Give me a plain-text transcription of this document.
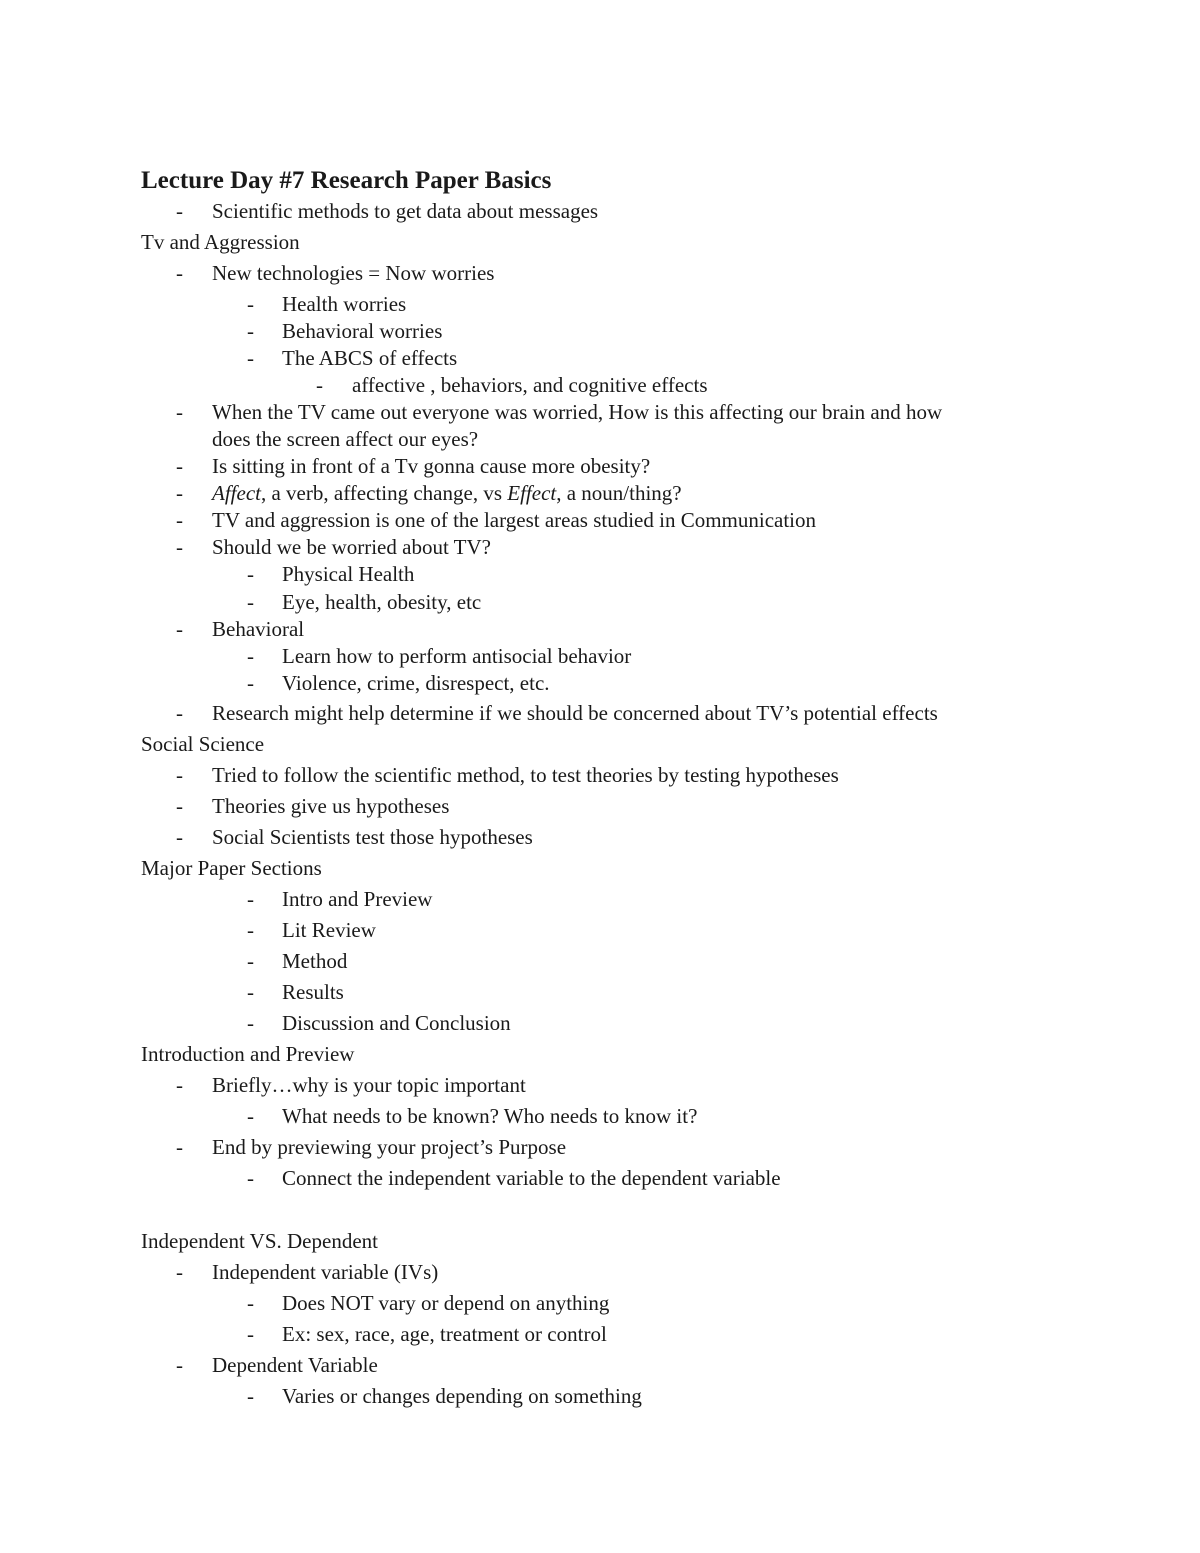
Lecture Day #7 Research Paper Basics
-	Scientific methods to get data about messages
Tv and Aggression
-	New technologies = Now worries
-	Health worries
-	Behavioral worries
-	The ABCS of effects
-	affective , behaviors, and cognitive effects
-	When the TV came out everyone was worried, How is this affecting our brain and how
does the screen affect our eyes?
-	Is sitting in front of a Tv gonna cause more obesity?
-	Affect, a verb, affecting change, vs Effect, a noun/thing?
-	TV and aggression is one of the largest areas studied in Communication
-	Should we be worried about TV?
-	Physical Health
-	Eye, health, obesity, etc
-	Behavioral
-	Learn how to perform antisocial behavior
-	Violence, crime, disrespect, etc.
-	Research might help determine if we should be concerned about TV’s potential effects
Social Science
-	Tried to follow the scientific method, to test theories by testing hypotheses
-	Theories give us hypotheses
-	Social Scientists test those hypotheses
Major Paper Sections
-	Intro and Preview
-	Lit Review
-	Method
-	Results
-	Discussion and Conclusion
Introduction and Preview
-	Briefly…why is your topic important
-	What needs to be known? Who needs to know it?
-	End by previewing your project’s Purpose
-	Connect the independent variable to the dependent variable
Independent VS. Dependent
-	Independent variable (IVs)
-	Does NOT vary or depend on anything
-	Ex: sex, race, age, treatment or control
-	Dependent Variable
-	Varies or changes depending on something
